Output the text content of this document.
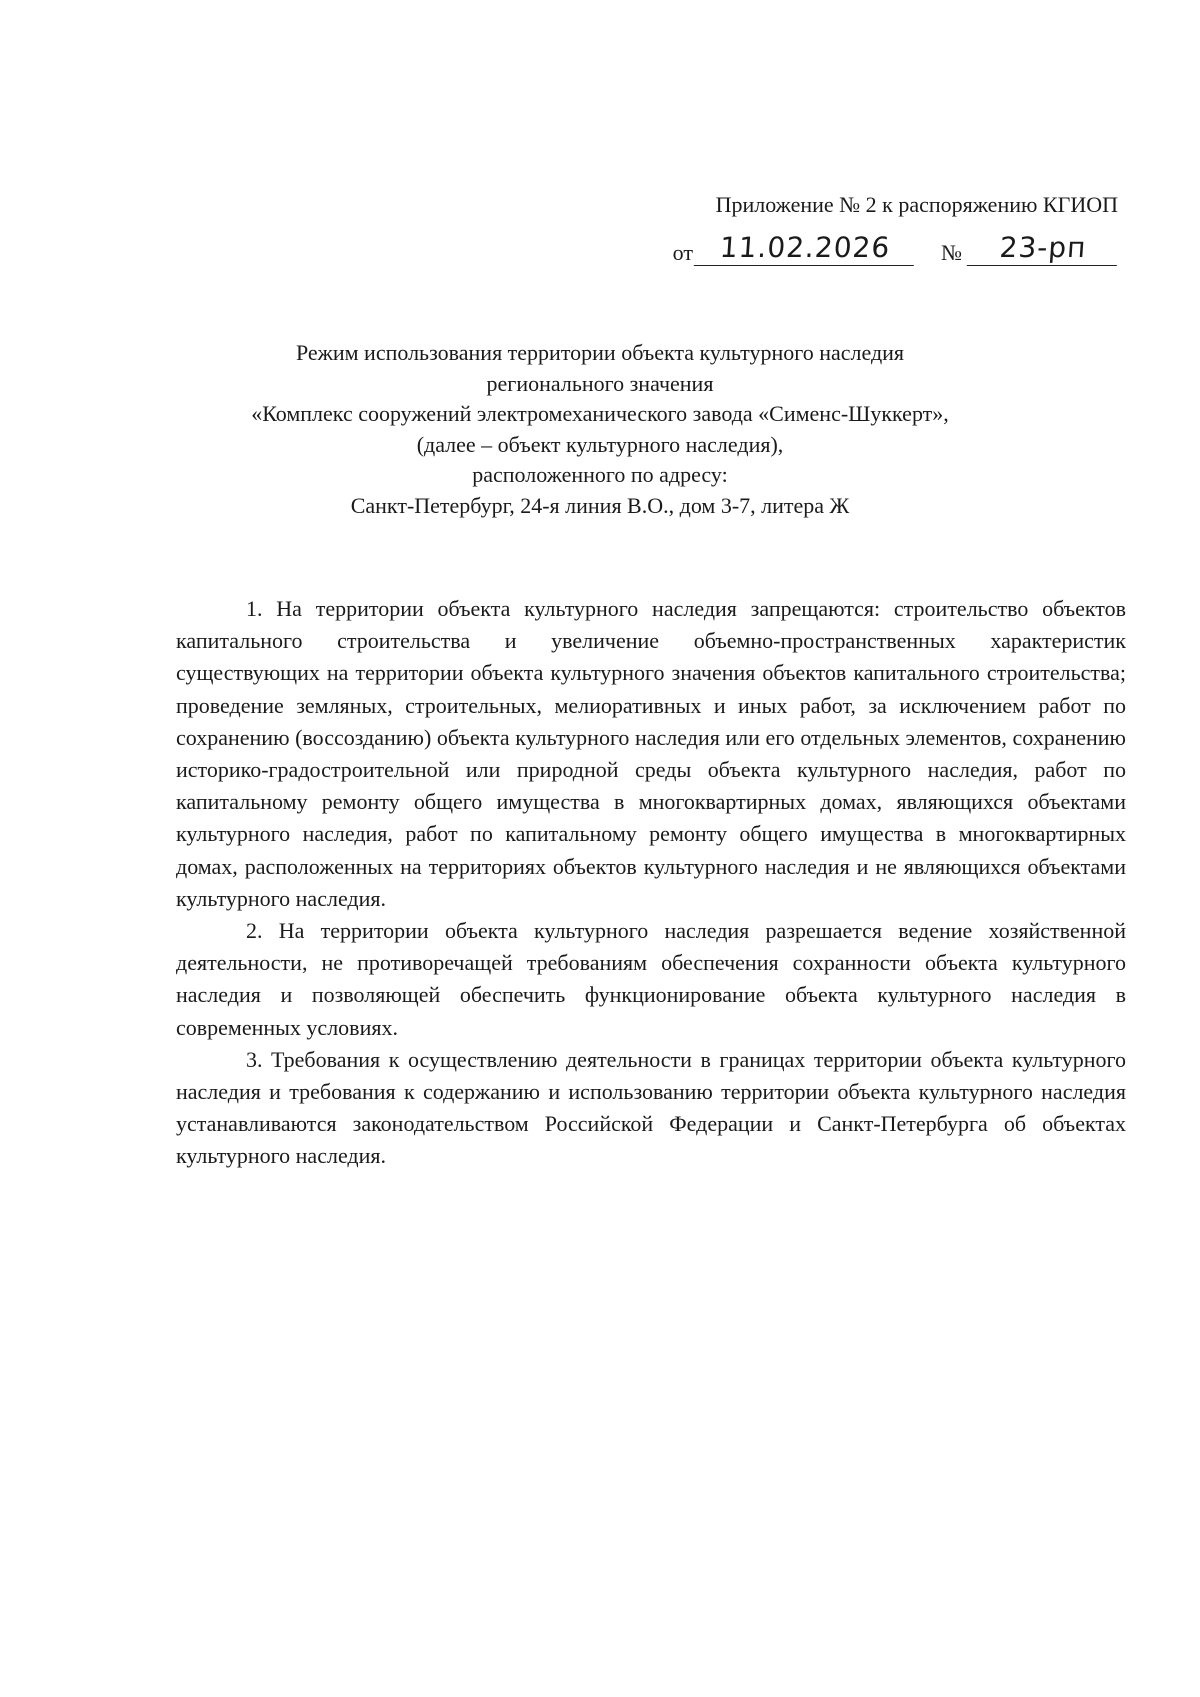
Приложение № 2 к распоряжению КГИОП
от 11.02.2026	№	23-рп
Режим использования территории объекта культурного наследия
регионального значения
«Комплекс сооружений электромеханического завода «Сименс-Шуккерт»,
(далее – объект культурного наследия),
расположенного по адресу:
Санкт-Петербург, 24-я линия В.О., дом 3-7, литера Ж

1. На территории объекта культурного наследия запрещаются: строительство объектов капитального строительства и увеличение объемно-пространственных характеристик существующих на территории объекта культурного значения объектов капитального строительства; проведение земляных, строительных, мелиоративных и иных работ, за исключением работ по сохранению (воссозданию) объекта культурного наследия или его отдельных элементов, сохранению историко-градостроительной или природной среды объекта культурного наследия, работ по капитальному ремонту общего имущества в многоквартирных домах, являющихся объектами культурного наследия, работ по капитальному ремонту общего имущества в многоквартирных домах, расположенных на территориях объектов культурного наследия и не являющихся объектами культурного наследия.

2. На территории объекта культурного наследия разрешается ведение хозяйственной деятельности, не противоречащей требованиям обеспечения сохранности объекта культурного наследия и позволяющей обеспечить функционирование объекта культурного наследия в современных условиях.

3. Требования к осуществлению деятельности в границах территории объекта культурного наследия и требования к содержанию и использованию территории объекта культурного наследия устанавливаются законодательством Российской Федерации и Санкт-Петербурга об объектах культурного наследия.
